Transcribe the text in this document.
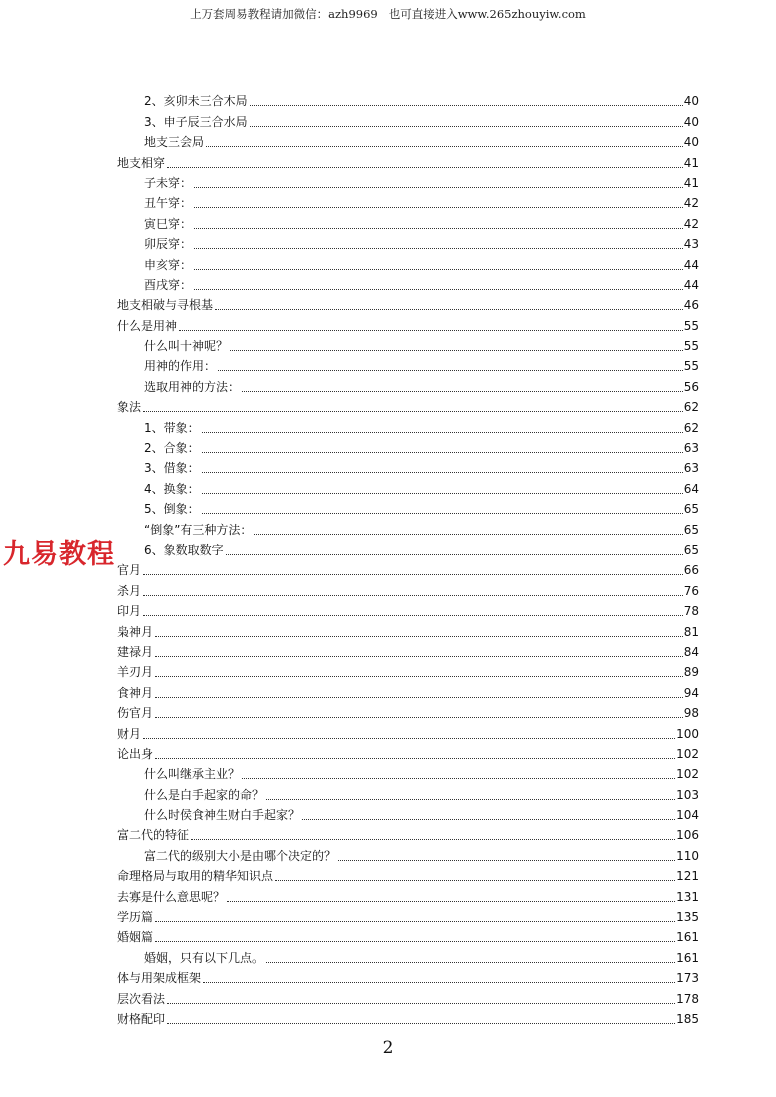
上万套周易教程请加微信：azh9969   也可直接进入www.265zhouyiw.com
2、亥卯未三合木局	40
3、申子辰三合水局	40
地支三会局	40
地支相穿	41
子未穿：	41
丑午穿：	42
寅巳穿：	42
卯辰穿：	43
申亥穿：	44
酉戌穿：	44
地支相破与寻根基	46
什么是用神	55
什么叫十神呢？	55
用神的作用：	55
选取用神的方法：	56
象法	62
1、带象：	62
2、合象：	63
3、借象：	63
4、换象：	64
5、倒象：	65
“倒象”有三种方法：	65
6、象数取数字	65
官月	66
杀月	76
印月	78
枭神月	81
建禄月	84
羊刃月	89
食神月	94
伤官月	98
财月	100
论出身	102
什么叫继承主业？	102
什么是白手起家的命？	103
什么时侯食神生财白手起家？	104
富二代的特征	106
富二代的级别大小是由哪个决定的？	110
命理格局与取用的精华知识点	121
去寡是什么意思呢？	131
学历篇	135
婚姻篇	161
婚姻，只有以下几点。	161
体与用架成框架	173
层次看法	178
财格配印	185
九易教程
2
